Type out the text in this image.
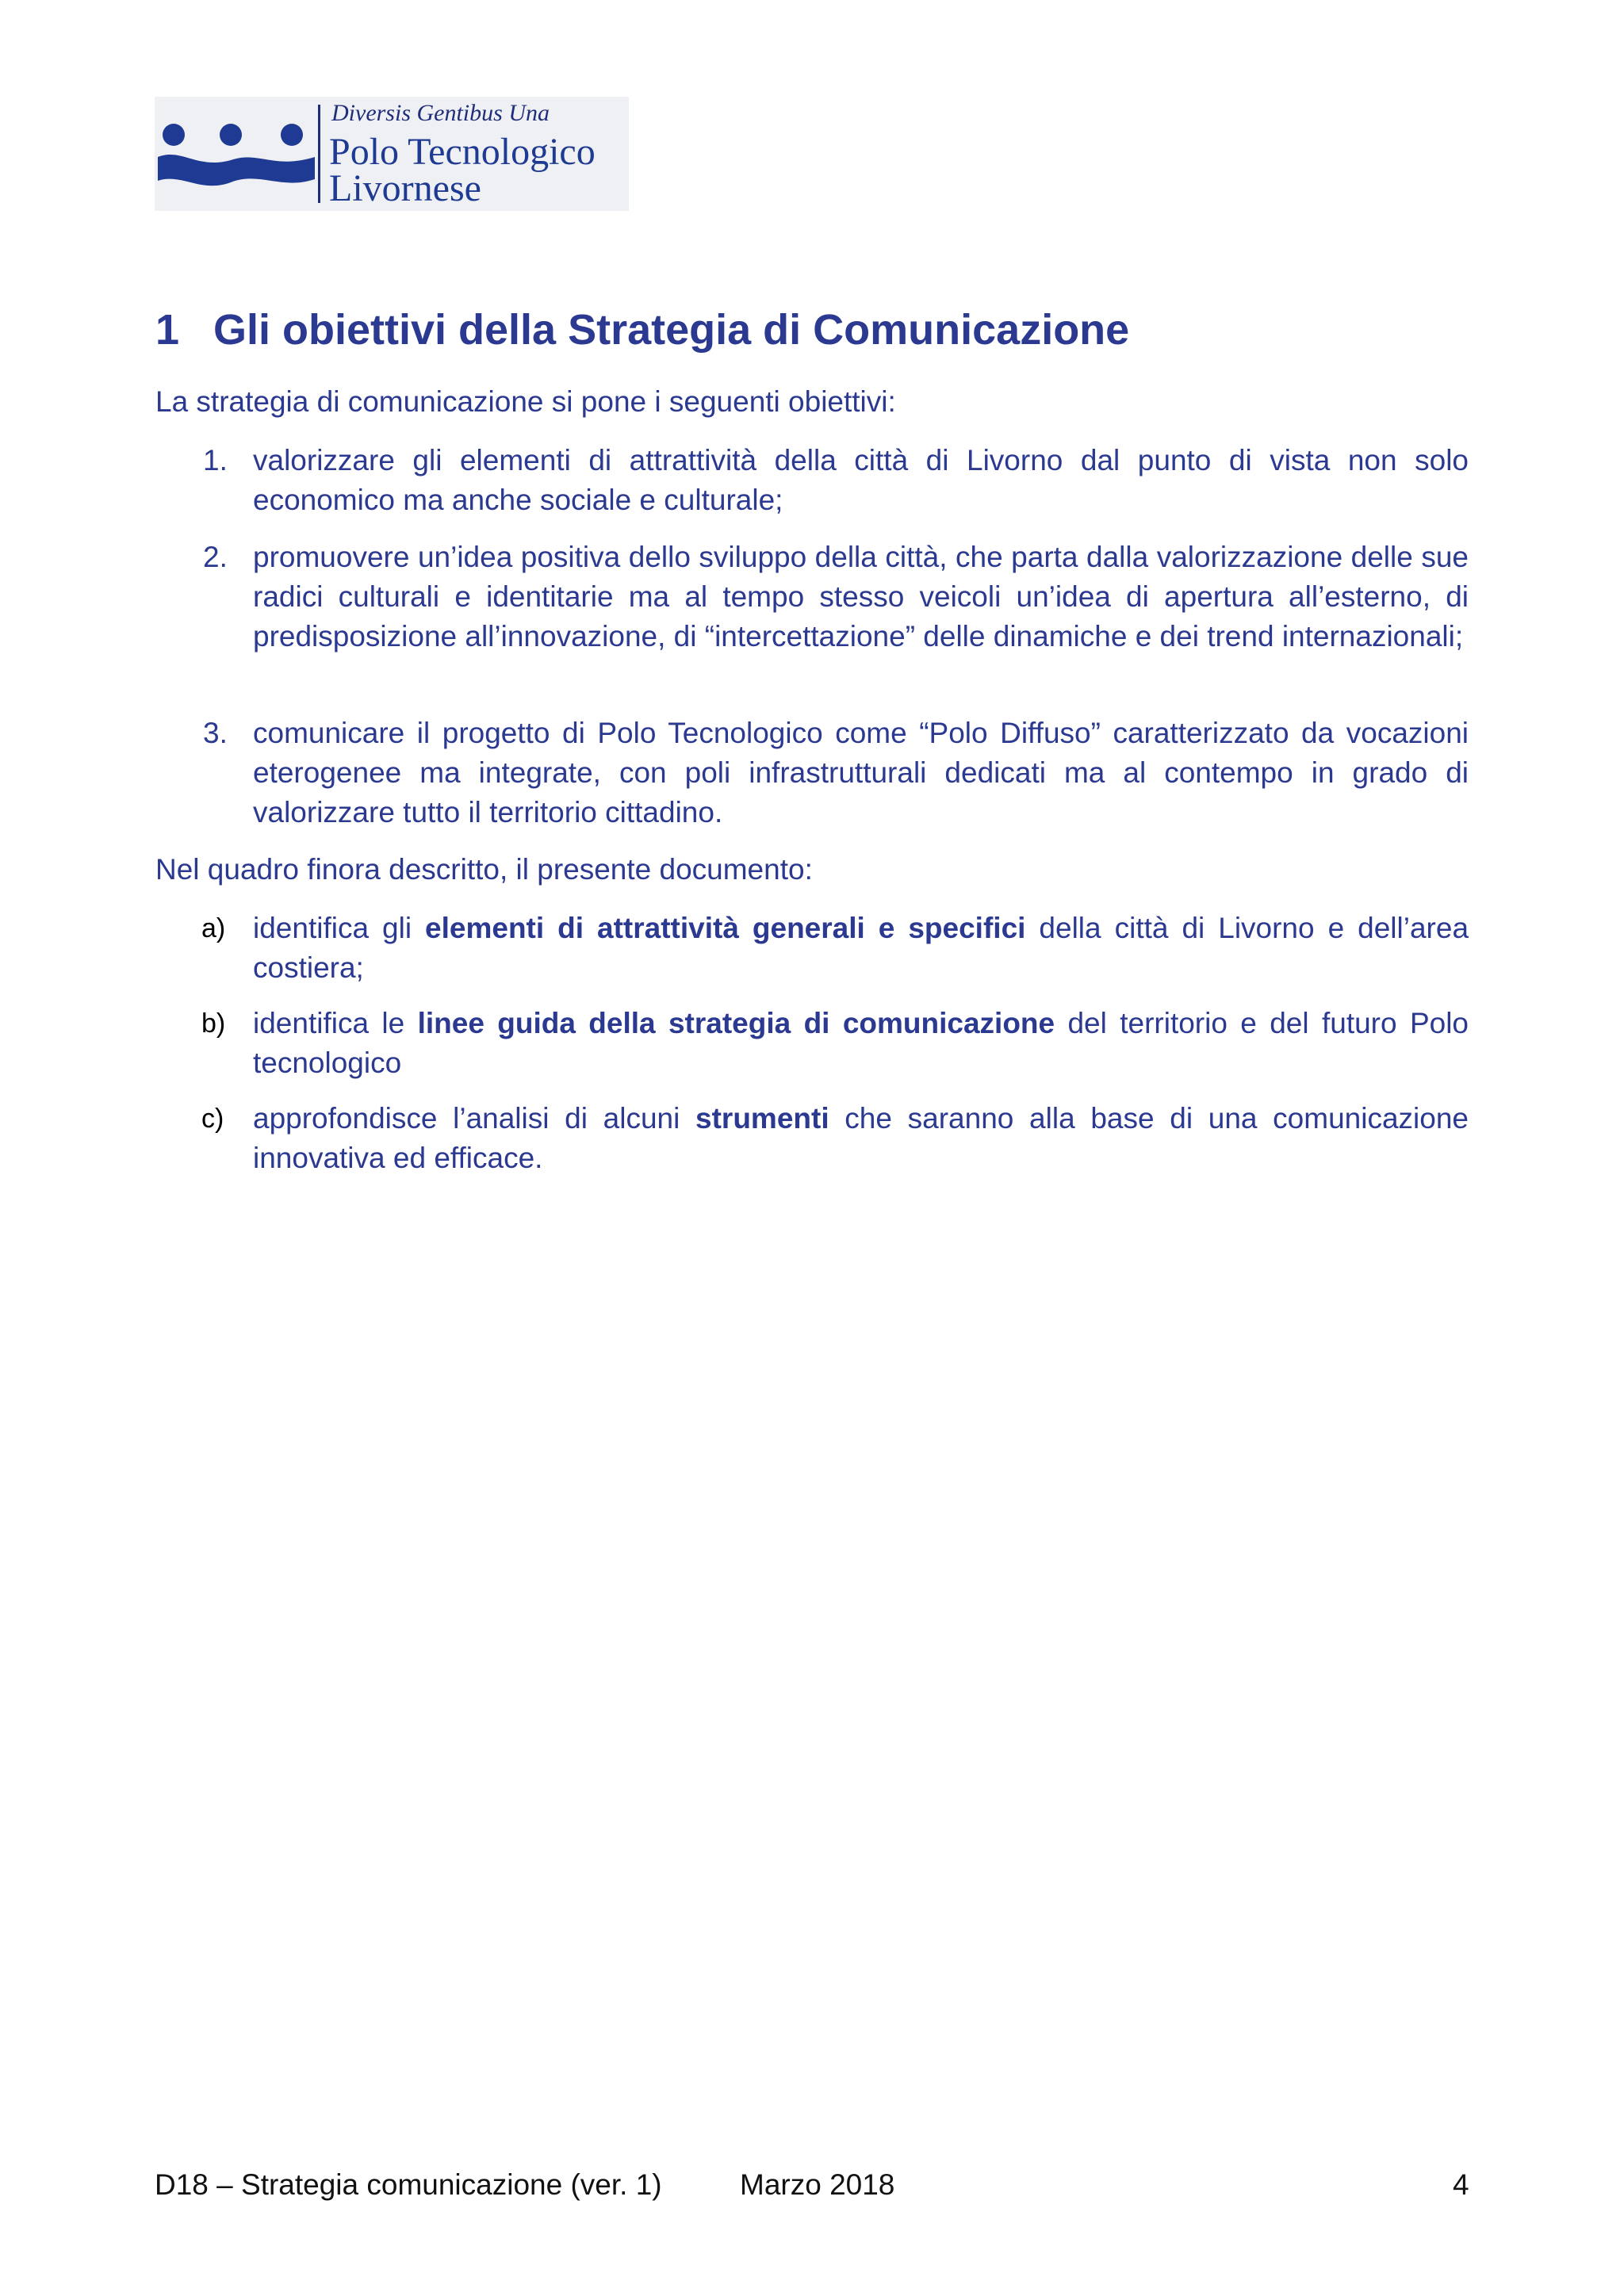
Diversis Gentibus Una
Polo Tecnologico
Livornese
1 Gli obiettivi della Strategia di Comunicazione
La strategia di comunicazione si pone i seguenti obiettivi:
1. valorizzare gli elementi di attrattività della città di Livorno dal punto di vista non solo economico ma anche sociale e culturale;
2. promuovere un’idea positiva dello sviluppo della città, che parta dalla valorizzazione delle sue radici culturali e identitarie ma al tempo stesso veicoli un’idea di apertura all’esterno, di predisposizione all’innovazione, di “intercettazione” delle dinamiche e dei trend internazionali;
3. comunicare il progetto di Polo Tecnologico come “Polo Diffuso” caratterizzato da vocazioni eterogenee ma integrate, con poli infrastrutturali dedicati ma al contempo in grado di valorizzare tutto il territorio cittadino.
Nel quadro finora descritto, il presente documento:
a) identifica gli elementi di attrattività generali e specifici della città di Livorno e dell’area costiera;
b) identifica le linee guida della strategia di comunicazione del territorio e del futuro Polo tecnologico
c) approfondisce l’analisi di alcuni strumenti che saranno alla base di una comunicazione innovativa ed efficace.
D18 – Strategia comunicazione (ver. 1)	Marzo 2018	4
